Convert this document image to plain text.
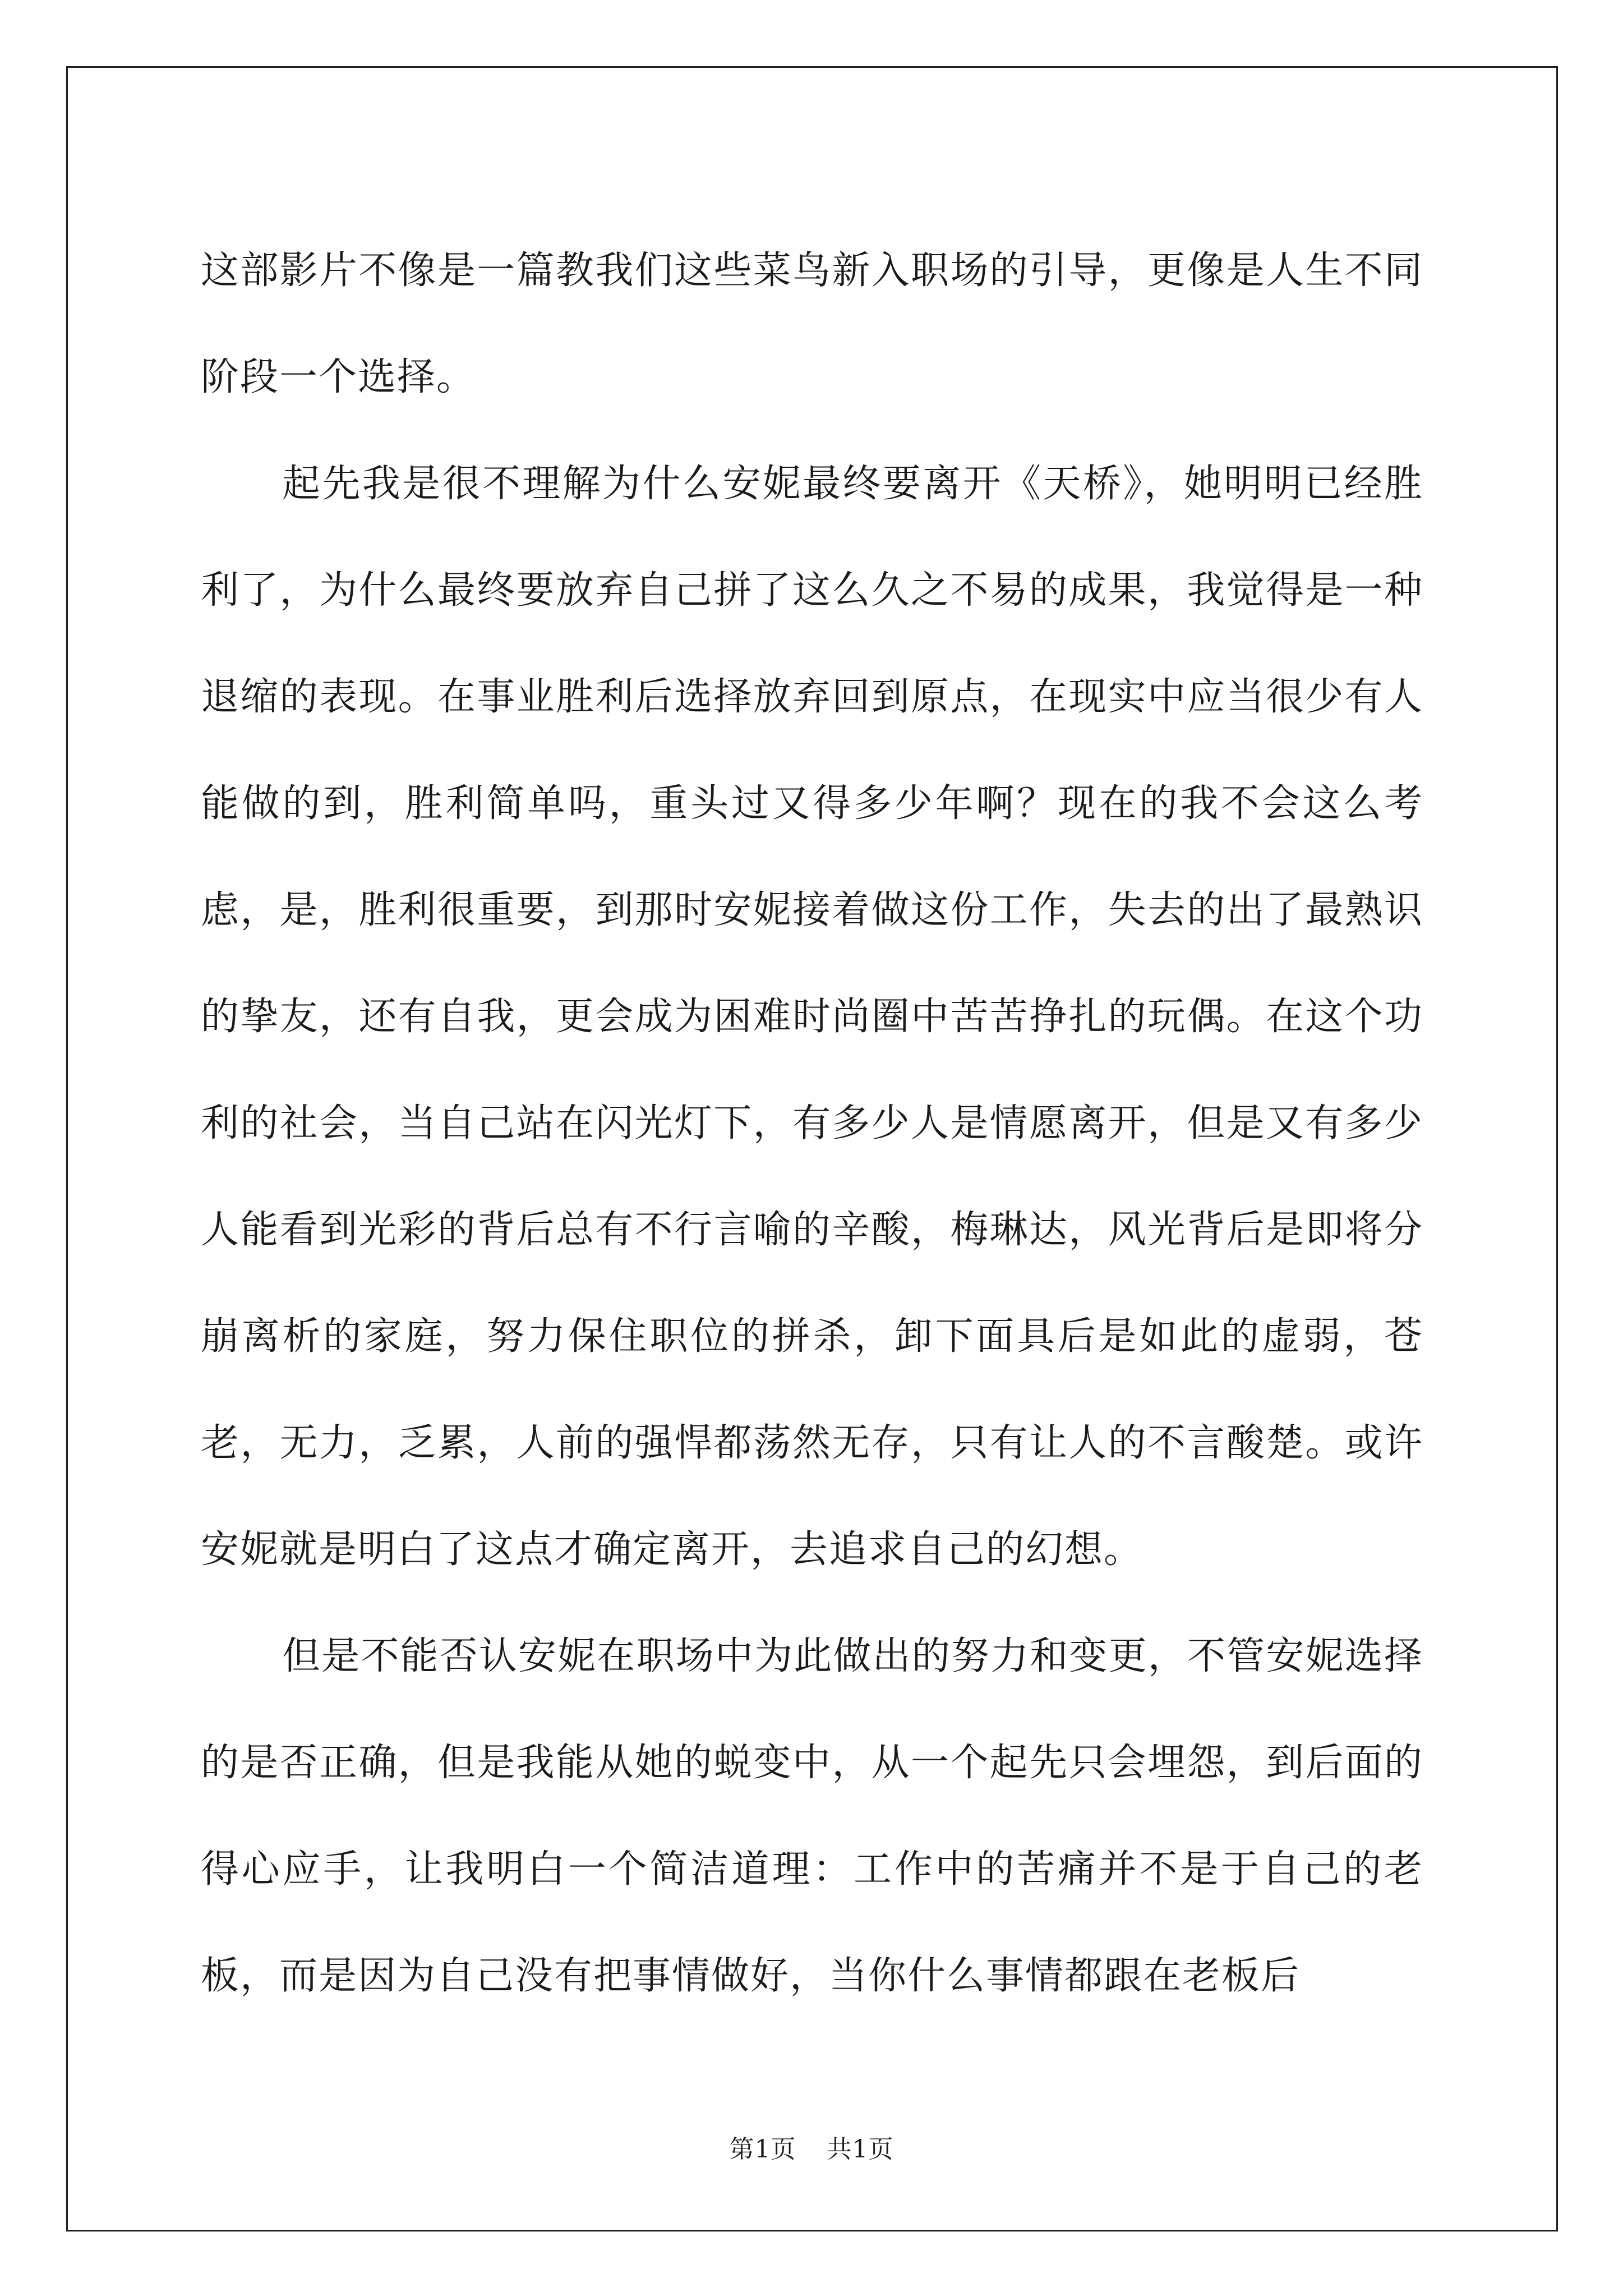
这部影片不像是一篇教我们这些菜鸟新入职场的引导，更像是人生不同阶段一个选择。

起先我是很不理解为什么安妮最终要离开《天桥》，她明明已经胜利了，为什么最终要放弃自己拼了这么久之不易的成果，我觉得是一种退缩的表现。在事业胜利后选择放弃回到原点，在现实中应当很少有人能做的到，胜利简单吗，重头过又得多少年啊？现在的我不会这么考虑，是，胜利很重要，到那时安妮接着做这份工作，失去的出了最熟识的挚友，还有自我，更会成为困难时尚圈中苦苦挣扎的玩偶。在这个功利的社会，当自己站在闪光灯下，有多少人是情愿离开，但是又有多少人能看到光彩的背后总有不行言喻的辛酸，梅琳达，风光背后是即将分崩离析的家庭，努力保住职位的拼杀，卸下面具后是如此的虚弱，苍老，无力，乏累，人前的强悍都荡然无存，只有让人的不言酸楚。或许安妮就是明白了这点才确定离开，去追求自己的幻想。

但是不能否认安妮在职场中为此做出的努力和变更，不管安妮选择的是否正确，但是我能从她的蜕变中，从一个起先只会埋怨，到后面的得心应手，让我明白一个简洁道理：工作中的苦痛并不是于自己的老板，而是因为自己没有把事情做好，当你什么事情都跟在老板后

第1页 共1页
